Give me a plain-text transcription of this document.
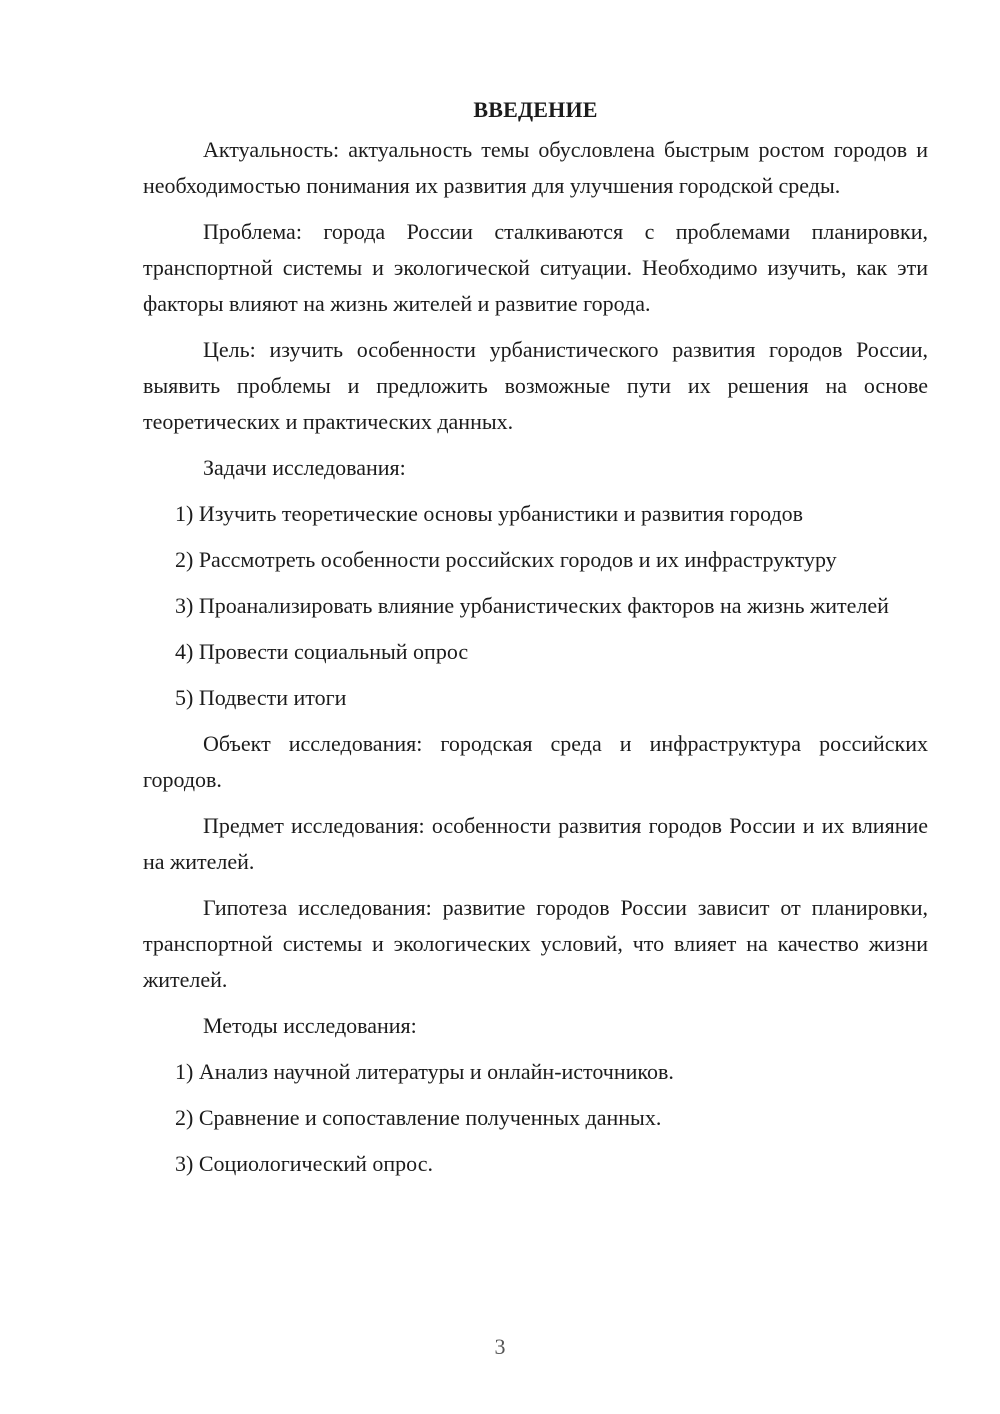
ВВЕДЕНИЕ

Актуальность: актуальность темы обусловлена быстрым ростом городов и необходимостью понимания их развития для улучшения городской среды.

Проблема: города России сталкиваются с проблемами планировки, транспортной системы и экологической ситуации. Необходимо изучить, как эти факторы влияют на жизнь жителей и развитие города.

Цель: изучить особенности урбанистического развития городов России, выявить проблемы и предложить возможные пути их решения на основе теоретических и практических данных.

Задачи исследования:

1) Изучить теоретические основы урбанистики и развития городов

2) Рассмотреть особенности российских городов и их инфраструктуру

3) Проанализировать влияние урбанистических факторов на жизнь жителей

4) Провести социальный опрос

5) Подвести итоги

Объект исследования: городская среда и инфраструктура российских городов.

Предмет исследования: особенности развития городов России и их влияние на жителей.

Гипотеза исследования: развитие городов России зависит от планировки, транспортной системы и экологических условий, что влияет на качество жизни жителей.

Методы исследования:

1) Анализ научной литературы и онлайн-источников.

2) Сравнение и сопоставление полученных данных.

3) Социологический опрос.

3
